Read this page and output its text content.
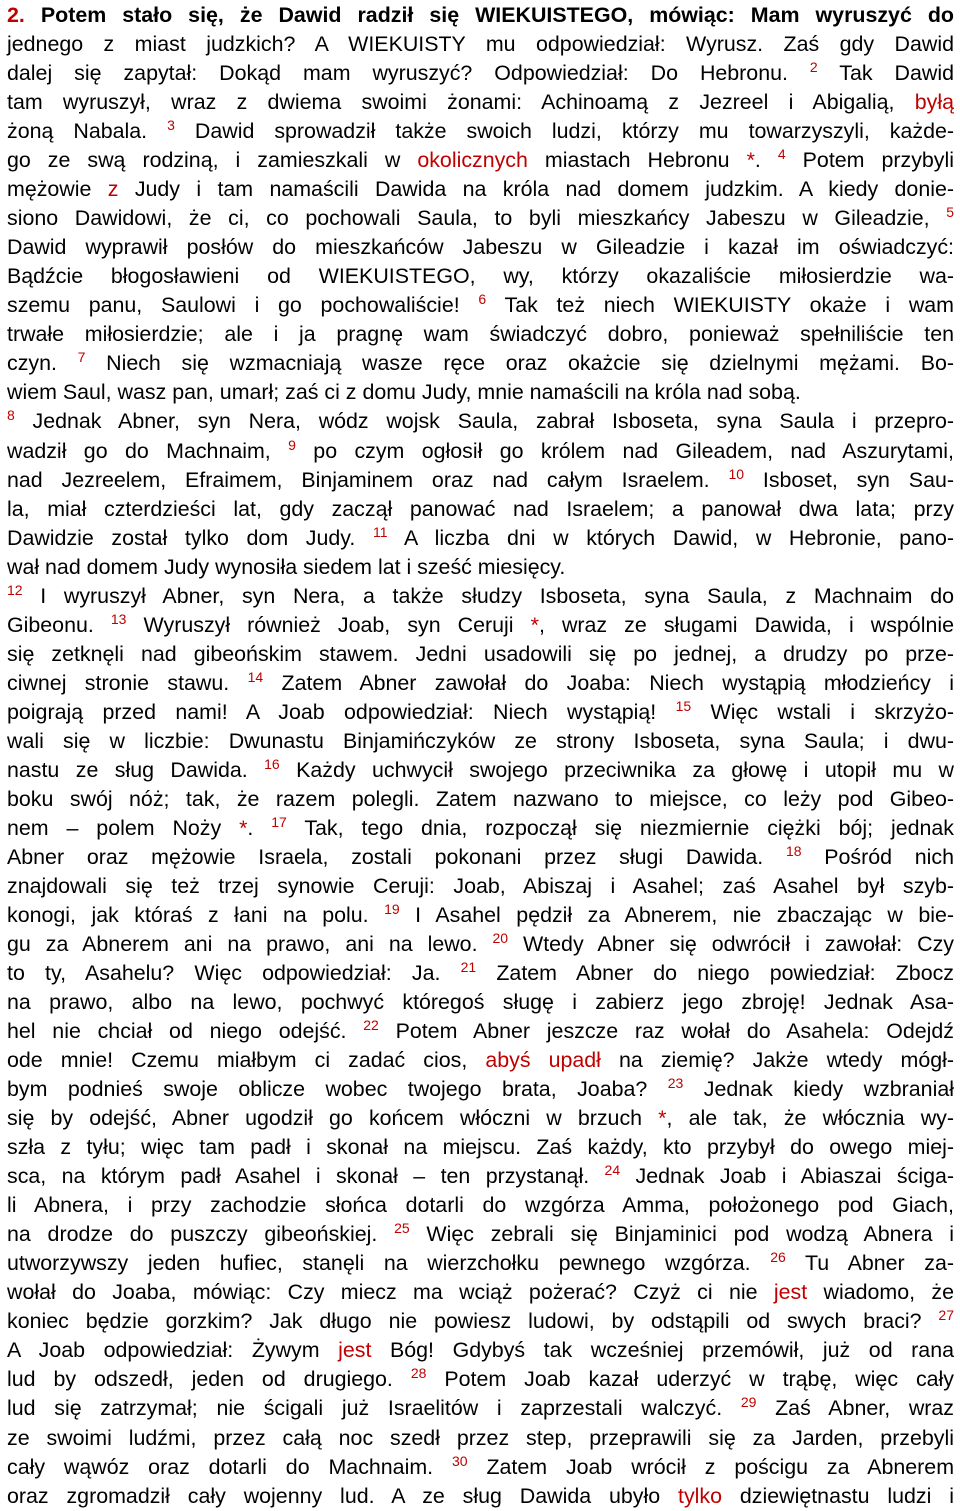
2. Potem stało się, że Dawid radził się WIEKUISTEGO, mówiąc: Mam wyruszyć do
jednego z miast judzkich? A WIEKUISTY mu odpowiedział: Wyrusz. Zaś gdy Dawid
dalej się zapytał: Dokąd mam wyruszyć? Odpowiedział: Do Hebronu. $^2$ Tak Dawid
tam wyruszył, wraz z dwiema swoimi żonami: Achinoamą z Jezreel i Abigalią, byłą
żoną Nabala. $^3$ Dawid sprowadził także swoich ludzi, którzy mu towarzyszyli, każde-
go ze swą rodziną, i zamieszkali w okolicznych miastach Hebronu *. $^4$ Potem przybyli
mężowie z Judy i tam namaścili Dawida na króla nad domem judzkim. A kiedy donie-
siono Dawidowi, że ci, co pochowali Saula, to byli mieszkańcy Jabeszu w Gileadzie, $^5$
Dawid wyprawił posłów do mieszkańców Jabeszu w Gileadzie i kazał im oświadczyć:
Bądźcie błogosławieni od WIEKUISTEGO, wy, którzy okazaliście miłosierdzie wa-
szemu panu, Saulowi i go pochowaliście! $^6$ Tak też niech WIEKUISTY okaże i wam
trwałe miłosierdzie; ale i ja pragnę wam świadczyć dobro, ponieważ spełniliście ten
czyn. $^7$ Niech się wzmacniają wasze ręce oraz okażcie się dzielnymi mężami. Bo-
wiem Saul, wasz pan, umarł; zaś ci z domu Judy, mnie namaścili na króla nad sobą.
$^8$ Jednak Abner, syn Nera, wódz wojsk Saula, zabrał Isboseta, syna Saula i przepro-
wadził go do Machnaim, $^9$ po czym ogłosił go królem nad Gileadem, nad Aszurytami,
nad Jezreelem, Efraimem, Binjaminem oraz nad całym Israelem. $^{10}$ Isboset, syn Sau-
la, miał czterdzieści lat, gdy zaczął panować nad Israelem; a panował dwa lata; przy
Dawidzie został tylko dom Judy. $^{11}$ A liczba dni w których Dawid, w Hebronie, pano-
wał nad domem Judy wynosiła siedem lat i sześć miesięcy.
$^{12}$ I wyruszył Abner, syn Nera, a także słudzy Isboseta, syna Saula, z Machnaim do
Gibeonu. $^{13}$ Wyruszył również Joab, syn Ceruji *, wraz ze sługami Dawida, i wspólnie
się zetknęli nad gibeońskim stawem. Jedni usadowili się po jednej, a drudzy po prze-
ciwnej stronie stawu. $^{14}$ Zatem Abner zawołał do Joaba: Niech wystąpią młodzieńcy i
poigrają przed nami! A Joab odpowiedział: Niech wystąpią! $^{15}$ Więc wstali i skrzyżo-
wali się w liczbie: Dwunastu Binjamińczyków ze strony Isboseta, syna Saula; i dwu-
nastu ze sług Dawida. $^{16}$ Każdy uchwycił swojego przeciwnika za głowę i utopił mu w
boku swój nóż; tak, że razem polegli. Zatem nazwano to miejsce, co leży pod Gibeo-
nem – polem Noży *. $^{17}$ Tak, tego dnia, rozpoczął się niezmiernie ciężki bój; jednak
Abner oraz mężowie Israela, zostali pokonani przez sługi Dawida. $^{18}$ Pośród nich
znajdowali się też trzej synowie Ceruji: Joab, Abiszaj i Asahel; zaś Asahel był szyb-
konogi, jak któraś z łani na polu. $^{19}$ I Asahel pędził za Abnerem, nie zbaczając w bie-
gu za Abnerem ani na prawo, ani na lewo. $^{20}$ Wtedy Abner się odwrócił i zawołał: Czy
to ty, Asahelu? Więc odpowiedział: Ja. $^{21}$ Zatem Abner do niego powiedział: Zbocz
na prawo, albo na lewo, pochwyć któregoś sługę i zabierz jego zbroję! Jednak Asa-
hel nie chciał od niego odejść. $^{22}$ Potem Abner jeszcze raz wołał do Asahela: Odejdź
ode mnie! Czemu miałbym ci zadać cios, abyś upadł na ziemię? Jakże wtedy mógł-
bym podnieś swoje oblicze wobec twojego brata, Joaba? $^{23}$ Jednak kiedy wzbraniał
się by odejść, Abner ugodził go końcem włóczni w brzuch *, ale tak, że włócznia wy-
szła z tyłu; więc tam padł i skonał na miejscu. Zaś każdy, kto przybył do owego miej-
sca, na którym padł Asahel i skonał – ten przystanął. $^{24}$ Jednak Joab i Abiaszai ściga-
li Abnera, i przy zachodzie słońca dotarli do wzgórza Amma, położonego pod Giach,
na drodze do puszczy gibeońskiej. $^{25}$ Więc zebrali się Binjaminici pod wodzą Abnera i
utworzywszy jeden hufiec, stanęli na wierzchołku pewnego wzgórza. $^{26}$ Tu Abner za-
wołał do Joaba, mówiąc: Czy miecz ma wciąż pożerać? Czyż ci nie jest wiadomo, że
koniec będzie gorzkim? Jak długo nie powiesz ludowi, by odstąpili od swych braci? $^{27}$
A Joab odpowiedział: Żywym jest Bóg! Gdybyś tak wcześniej przemówił, już od rana
lud by odszedł, jeden od drugiego. $^{28}$ Potem Joab kazał uderzyć w trąbę, więc cały
lud się zatrzymał; nie ścigali już Israelitów i zaprzestali walczyć. $^{29}$ Zaś Abner, wraz
ze swoimi ludźmi, przez całą noc szedł przez step, przeprawili się za Jarden, przebyli
cały wąwóz oraz dotarli do Machnaim. $^{30}$ Zatem Joab wrócił z pościgu za Abnerem
oraz zgromadził cały wojenny lud. A ze sług Dawida ubyło tylko dziewiętnastu ludzi i
